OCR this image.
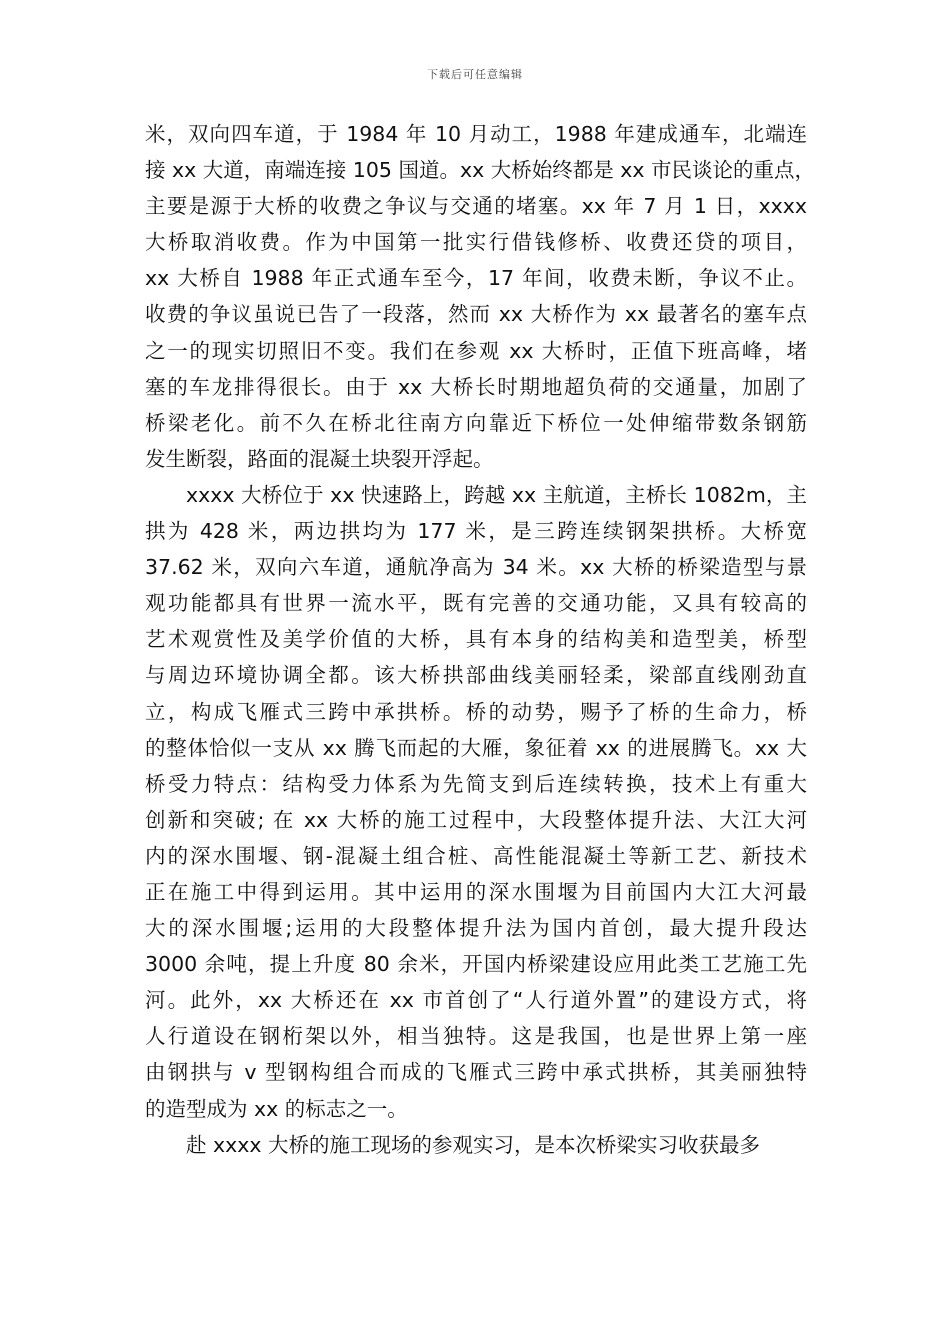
下载后可任意编辑
米，双向四车道，于 1984 年 10 月动工，1988 年建成通车，北端连
接 xx 大道，南端连接 105 国道。xx 大桥始终都是 xx 市民谈论的重点，
主要是源于大桥的收费之争议与交通的堵塞。xx 年 7 月 1 日，xxxx
大桥取消收费。作为中国第一批实行借钱修桥、收费还贷的项目，
xx 大桥自 1988 年正式通车至今，17 年间，收费未断，争议不止。
收费的争议虽说已告了一段落，然而 xx 大桥作为 xx 最著名的塞车点
之一的现实切照旧不变。我们在参观 xx 大桥时，正值下班高峰，堵
塞的车龙排得很长。由于 xx 大桥长时期地超负荷的交通量，加剧了
桥梁老化。前不久在桥北往南方向靠近下桥位一处伸缩带数条钢筋
发生断裂，路面的混凝土块裂开浮起。
xxxx 大桥位于 xx 快速路上，跨越 xx 主航道，主桥长 1082m，主
拱为 428 米，两边拱均为 177 米，是三跨连续钢架拱桥。大桥宽
37.62 米，双向六车道，通航净高为 34 米。xx 大桥的桥梁造型与景
观功能都具有世界一流水平，既有完善的交通功能，又具有较高的
艺术观赏性及美学价值的大桥，具有本身的结构美和造型美，桥型
与周边环境协调全都。该大桥拱部曲线美丽轻柔，梁部直线刚劲直
立，构成飞雁式三跨中承拱桥。桥的动势，赐予了桥的生命力，桥
的整体恰似一支从 xx 腾飞而起的大雁，象征着 xx 的进展腾飞。xx 大
桥受力特点：结构受力体系为先简支到后连续转换，技术上有重大
创新和突破; 在 xx 大桥的施工过程中，大段整体提升法、大江大河
内的深水围堰、钢-混凝土组合桩、高性能混凝土等新工艺、新技术
正在施工中得到运用。其中运用的深水围堰为目前国内大江大河最
大的深水围堰;运用的大段整体提升法为国内首创，最大提升段达
3000 余吨，提上升度 80 余米，开国内桥梁建设应用此类工艺施工先
河。此外，xx 大桥还在 xx 市首创了“人行道外置”的建设方式，将
人行道设在钢桁架以外，相当独特。这是我国，也是世界上第一座
由钢拱与 v 型钢构组合而成的飞雁式三跨中承式拱桥，其美丽独特
的造型成为 xx 的标志之一。
赴 xxxx 大桥的施工现场的参观实习，是本次桥梁实习收获最多
